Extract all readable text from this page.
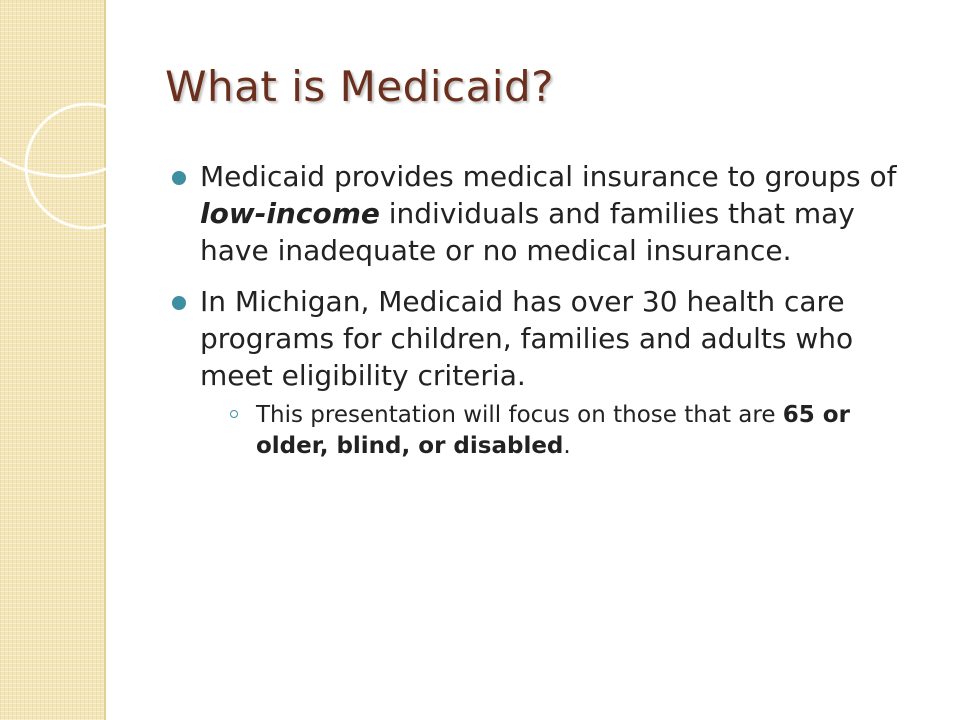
What is Medicaid?
Medicaid provides medical insurance to groups of low-income individuals and families that may have inadequate or no medical insurance.
In Michigan, Medicaid has over 30 health care programs for children, families and adults who meet eligibility criteria.
This presentation will focus on those that are 65 or older, blind, or disabled.
